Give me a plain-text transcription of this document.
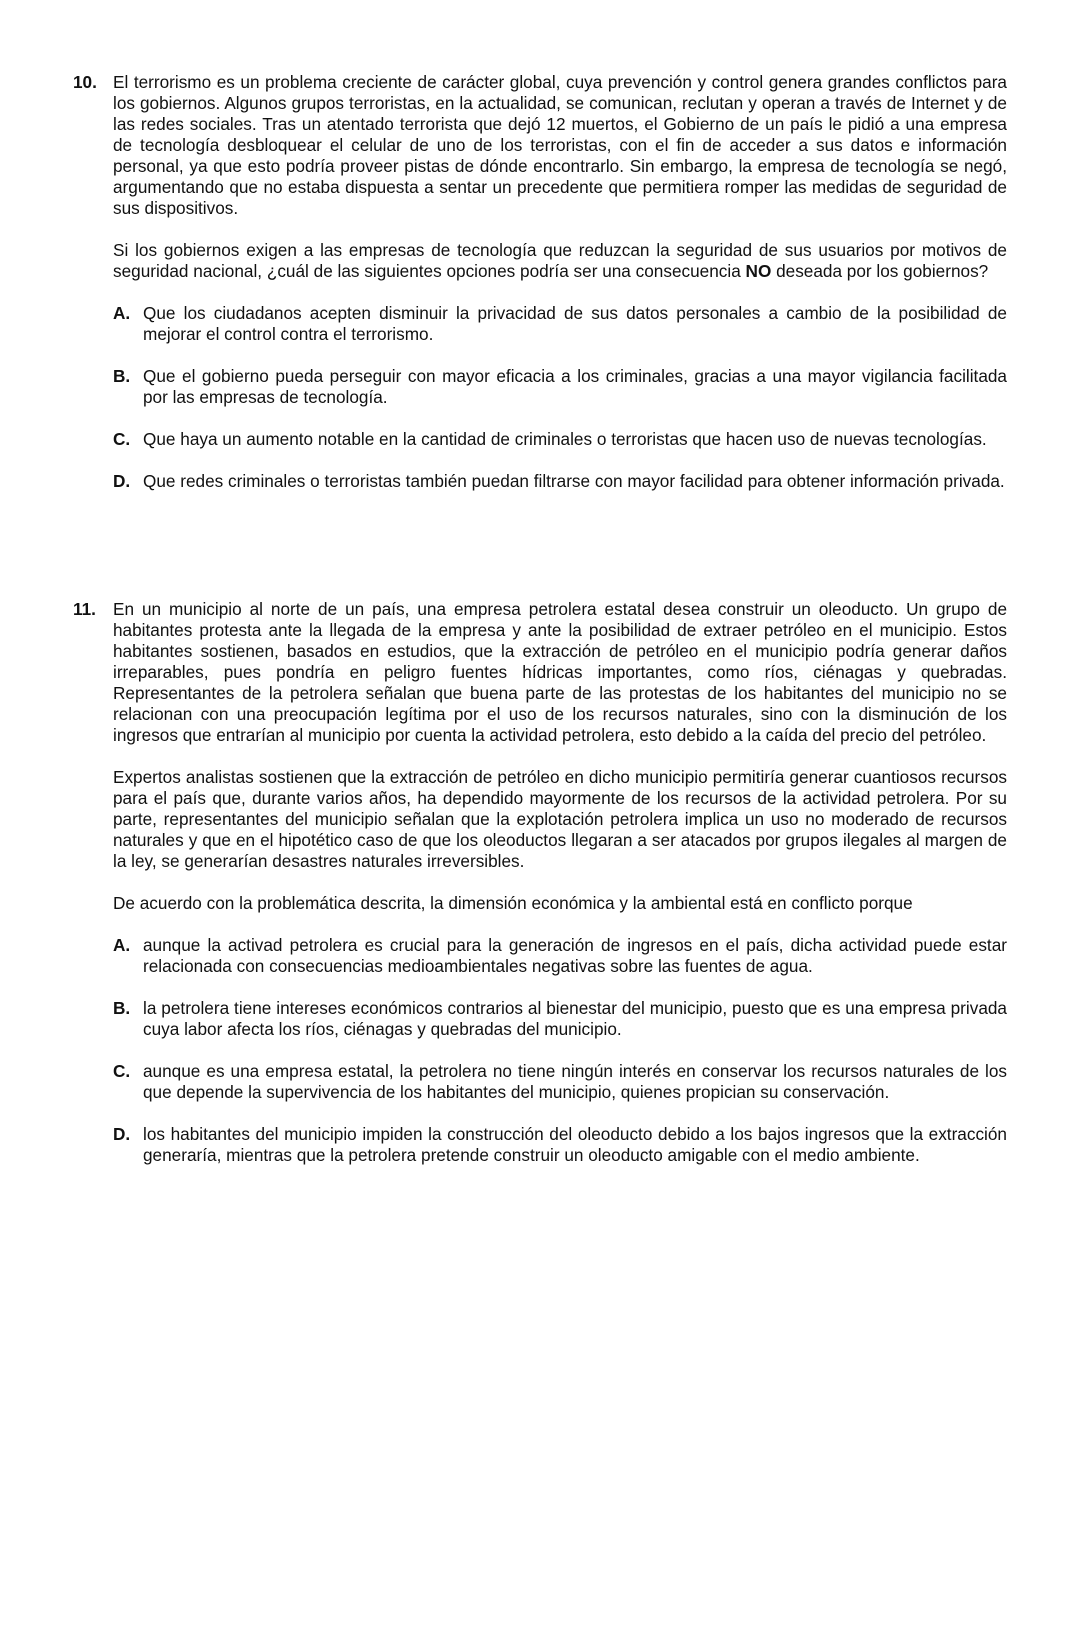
10. El terrorismo es un problema creciente de carácter global, cuya prevención y control genera grandes conflictos para los gobiernos. Algunos grupos terroristas, en la actualidad, se comunican, reclutan y operan a través de Internet y de las redes sociales. Tras un atentado terrorista que dejó 12 muertos, el Gobierno de un país le pidió a una empresa de tecnología desbloquear el celular de uno de los terroristas, con el fin de acceder a sus datos e información personal, ya que esto podría proveer pistas de dónde encontrarlo. Sin embargo, la empresa de tecnología se negó, argumentando que no estaba dispuesta a sentar un precedente que permitiera romper las medidas de seguridad de sus dispositivos.

Si los gobiernos exigen a las empresas de tecnología que reduzcan la seguridad de sus usuarios por motivos de seguridad nacional, ¿cuál de las siguientes opciones podría ser una consecuencia NO deseada por los gobiernos?

A. Que los ciudadanos acepten disminuir la privacidad de sus datos personales a cambio de la posibilidad de mejorar el control contra el terrorismo.
B. Que el gobierno pueda perseguir con mayor eficacia a los criminales, gracias a una mayor vigilancia facilitada por las empresas de tecnología.
C. Que haya un aumento notable en la cantidad de criminales o terroristas que hacen uso de nuevas tecnologías.
D. Que redes criminales o terroristas también puedan filtrarse con mayor facilidad para obtener información privada.
11. En un municipio al norte de un país, una empresa petrolera estatal desea construir un oleoducto. Un grupo de habitantes protesta ante la llegada de la empresa y ante la posibilidad de extraer petróleo en el municipio. Estos habitantes sostienen, basados en estudios, que la extracción de petróleo en el municipio podría generar daños irreparables, pues pondría en peligro fuentes hídricas importantes, como ríos, ciénagas y quebradas. Representantes de la petrolera señalan que buena parte de las protestas de los habitantes del municipio no se relacionan con una preocupación legítima por el uso de los recursos naturales, sino con la disminución de los ingresos que entrarían al municipio por cuenta la actividad petrolera, esto debido a la caída del precio del petróleo.

Expertos analistas sostienen que la extracción de petróleo en dicho municipio permitiría generar cuantiosos recursos para el país que, durante varios años, ha dependido mayormente de los recursos de la actividad petrolera. Por su parte, representantes del municipio señalan que la explotación petrolera implica un uso no moderado de recursos naturales y que en el hipotético caso de que los oleoductos llegaran a ser atacados por grupos ilegales al margen de la ley, se generarían desastres naturales irreversibles.

De acuerdo con la problemática descrita, la dimensión económica y la ambiental está en conflicto porque

A. aunque la activad petrolera es crucial para la generación de ingresos en el país, dicha actividad puede estar relacionada con consecuencias medioambientales negativas sobre las fuentes de agua.
B. la petrolera tiene intereses económicos contrarios al bienestar del municipio, puesto que es una empresa privada cuya labor afecta los ríos, ciénagas y quebradas del municipio.
C. aunque es una empresa estatal, la petrolera no tiene ningún interés en conservar los recursos naturales de los que depende la supervivencia de los habitantes del municipio, quienes propician su conservación.
D. los habitantes del municipio impiden la construcción del oleoducto debido a los bajos ingresos que la extracción generaría, mientras que la petrolera pretende construir un oleoducto amigable con el medio ambiente.
